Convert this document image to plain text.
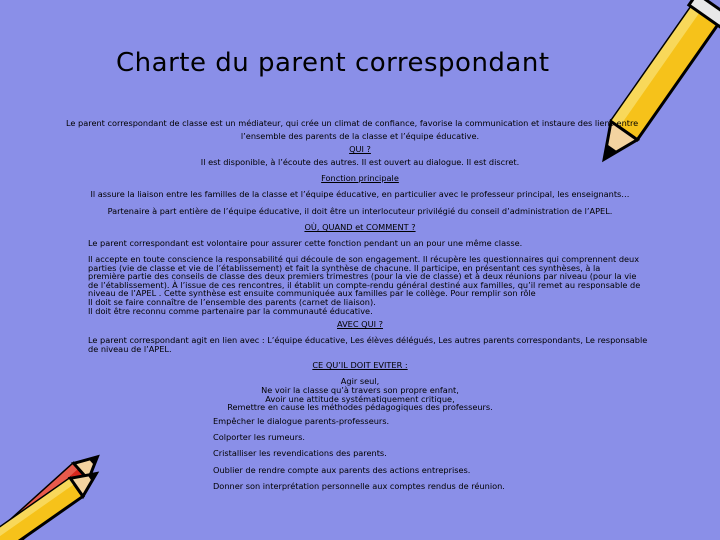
Charte du parent correspondant
Le parent correspondant de classe est un médiateur, qui crée un climat de confiance, favorise la communication et instaure des liens entre
l’ensemble des parents de la classe et l’équipe éducative.
QUI ?
Il est disponible, à l’écoute des autres. Il est ouvert au dialogue. Il est discret.
Fonction principale
Il assure la liaison entre les familles de la classe et l’équipe éducative, en particulier avec le professeur principal, les enseignants…
Partenaire à part entière de l’équipe éducative, il doit être un interlocuteur privilégié du conseil d’administration de l’APEL.
OÙ, QUAND et COMMENT ?
Le parent correspondant est volontaire pour assurer cette fonction pendant un an pour une même classe.
Il accepte en toute conscience la responsabilité qui découle de son engagement. Il récupère les questionnaires qui comprennent deux
parties (vie de classe et vie de l’établissement) et fait la synthèse de chacune. Il participe, en présentant ces synthèses, à la
première partie des conseils de classe des deux premiers trimestres (pour la vie de classe) et à deux réunions par niveau (pour la vie
de l’établissement). À l’issue de ces rencontres, il établit un compte-rendu général destiné aux familles, qu’il remet au responsable de
niveau de l’APEL . Cette synthèse est ensuite communiquée aux familles par le collège. Pour remplir son rôle
Il doit se faire connaître de l’ensemble des parents (carnet de liaison).
Il doit être reconnu comme partenaire par la communauté éducative.
AVEC QUI ?
Le parent correspondant agit en lien avec : L’équipe éducative, Les élèves délégués, Les autres parents correspondants, Le responsable
de niveau de l’APEL.
CE QU’IL DOIT EVITER :
Agir seul,
Ne voir la classe qu’à travers son propre enfant,
Avoir une attitude systématiquement critique,
Remettre en cause les méthodes pédagogiques des professeurs.
Empêcher le dialogue parents-professeurs.
Colporter les rumeurs.
Cristalliser les revendications des parents.
Oublier de rendre compte aux parents des actions entreprises.
Donner son interprétation personnelle aux comptes rendus de réunion.
